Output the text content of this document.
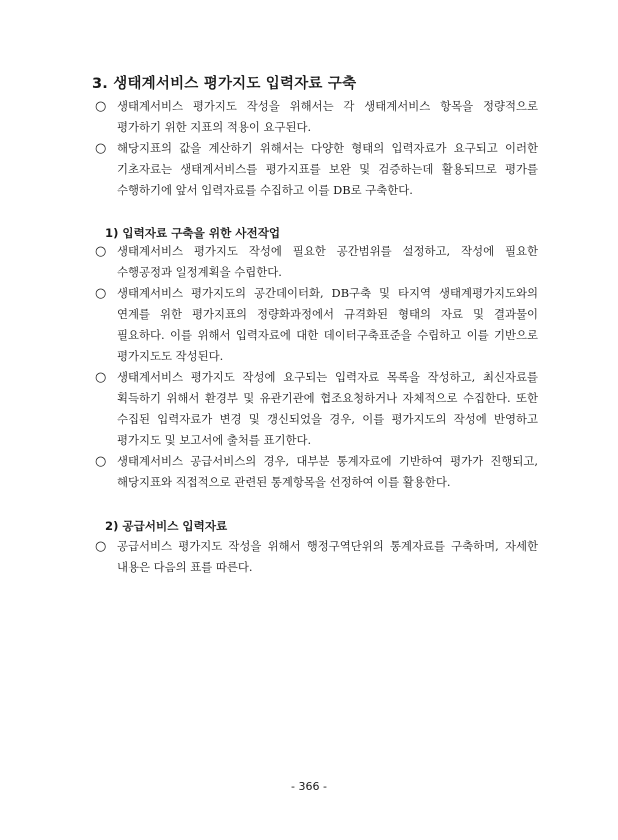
3. 생태계서비스 평가지도 입력자료 구축

○ 생태계서비스 평가지도 작성을 위해서는 각 생태계서비스 항목을 정량적으로 평가하기 위한 지표의 적용이 요구된다.

○ 해당지표의 값을 계산하기 위해서는 다양한 형태의 입력자료가 요구되고 이러한 기초자료는 생태계서비스를 평가지표를 보완 및 검증하는데 활용되므로 평가를 수행하기에 앞서 입력자료를 수집하고 이를 DB로 구축한다.

1) 입력자료 구축을 위한 사전작업

○ 생태계서비스 평가지도 작성에 필요한 공간범위를 설정하고, 작성에 필요한 수행공정과 일정계획을 수립한다.

○ 생태계서비스 평가지도의 공간데이터화, DB구축 및 타지역 생태계평가지도와의 연계를 위한 평가지표의 정량화과정에서 규격화된 형태의 자료 및 결과물이 필요하다. 이를 위해서 입력자료에 대한 데이터구축표준을 수립하고 이를 기반으로 평가지도도 작성된다.

○ 생태계서비스 평가지도 작성에 요구되는 입력자료 목록을 작성하고, 최신자료를 획득하기 위해서 환경부 및 유관기관에 협조요청하거나 자체적으로 수집한다. 또한 수집된 입력자료가 변경 및 갱신되었을 경우, 이를 평가지도의 작성에 반영하고 평가지도 및 보고서에 출처를 표기한다.

○ 생태계서비스 공급서비스의 경우, 대부분 통계자료에 기반하여 평가가 진행되고, 해당지표와 직접적으로 관련된 통계항목을 선정하여 이를 활용한다.

2) 공급서비스 입력자료

○ 공급서비스 평가지도 작성을 위해서 행정구역단위의 통계자료를 구축하며, 자세한 내용은 다음의 표를 따른다.

- 366 -
